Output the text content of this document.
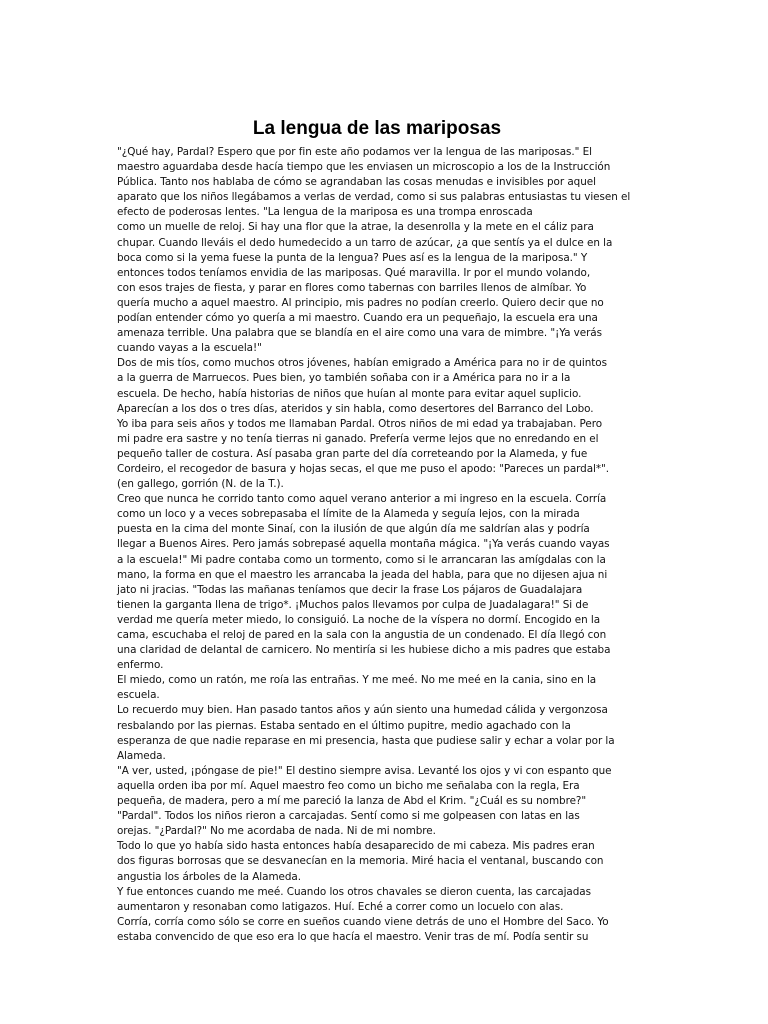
La lengua de las mariposas
"¿Qué hay, Pardal? Espero que por fin este año podamos ver la lengua de las mariposas." El
maestro aguardaba desde hacía tiempo que les enviasen un microscopio a los de la Instrucción
Pública. Tanto nos hablaba de cómo se agrandaban las cosas menudas e invisibles por aquel
aparato que los niños llegábamos a verlas de verdad, como si sus palabras entusiastas tu viesen el
efecto de poderosas lentes. "La lengua de la mariposa es una trompa enroscada
como un muelle de reloj. Si hay una flor que la atrae, la desenrolla y la mete en el cáliz para
chupar. Cuando lleváis el dedo humedecido a un tarro de azúcar, ¿a que sentís ya el dulce en la
boca como si la yema fuese la punta de la lengua? Pues así es la lengua de la mariposa." Y
entonces todos teníamos envidia de las mariposas. Qué maravilla. Ir por el mundo volando,
con esos trajes de fiesta, y parar en flores como tabernas con barriles llenos de almíbar. Yo
quería mucho a aquel maestro. Al principio, mis padres no podían creerlo. Quiero decir que no
podían entender cómo yo quería a mi maestro. Cuando era un pequeñajo, la escuela era una
amenaza terrible. Una palabra que se blandía en el aire como una vara de mimbre. "¡Ya verás
cuando vayas a la escuela!"
Dos de mis tíos, como muchos otros jóvenes, habían emigrado a América para no ir de quintos
a la guerra de Marruecos. Pues bien, yo también soñaba con ir a América para no ir a la
escuela. De hecho, había historias de niños que huían al monte para evitar aquel suplicio.
Aparecían a los dos o tres días, ateridos y sin habla, como desertores del Barranco del Lobo.
Yo iba para seis años y todos me llamaban Pardal. Otros niños de mi edad ya trabajaban. Pero
mi padre era sastre y no tenía tierras ni ganado. Prefería verme lejos que no enredando en el
pequeño taller de costura. Así pasaba gran parte del día correteando por la Alameda, y fue
Cordeiro, el recogedor de basura y hojas secas, el que me puso el apodo: "Pareces un pardal*".
(en gallego, gorrión (N. de la T.).
Creo que nunca he corrido tanto como aquel verano anterior a mi ingreso en la escuela. Corría
como un loco y a veces sobrepasaba el límite de la Alameda y seguía lejos, con la mirada
puesta en la cima del monte Sinaí, con la ilusión de que algún día me saldrían alas y podría
llegar a Buenos Aires. Pero jamás sobrepasé aquella montaña mágica. "¡Ya verás cuando vayas
a la escuela!" Mi padre contaba como un tormento, como si le arrancaran las amígdalas con la
mano, la forma en que el maestro les arrancaba la jeada del habla, para que no dijesen ajua ni
jato ni jracias. "Todas las mañanas teníamos que decir la frase Los pájaros de Guadalajara
tienen la garganta llena de trigo*. ¡Muchos palos llevamos por culpa de Juadalagara!" Si de
verdad me quería meter miedo, lo consiguió. La noche de la víspera no dormí. Encogido en la
cama, escuchaba el reloj de pared en la sala con la angustia de un condenado. El día llegó con
una claridad de delantal de carnicero. No mentiría si les hubiese dicho a mis padres que estaba
enfermo.
El miedo, como un ratón, me roía las entrañas. Y me meé. No me meé en la cania, sino en la
escuela.
Lo recuerdo muy bien. Han pasado tantos años y aún siento una humedad cálida y vergonzosa
resbalando por las piernas. Estaba sentado en el último pupitre, medio agachado con la
esperanza de que nadie reparase en mi presencia, hasta que pudiese salir y echar a volar por la
Alameda.
"A ver, usted, ¡póngase de pie!" El destino siempre avisa. Levanté los ojos y vi con espanto que
aquella orden iba por mí. Aquel maestro feo como un bicho me señalaba con la regla, Era
pequeña, de madera, pero a mí me pareció la lanza de Abd el Krim. "¿Cuál es su nombre?"
"Pardal". Todos los niños rieron a carcajadas. Sentí como si me golpeasen con latas en las
orejas. "¿Pardal?" No me acordaba de nada. Ni de mi nombre.
Todo lo que yo había sido hasta entonces había desaparecido de mi cabeza. Mis padres eran
dos figuras borrosas que se desvanecían en la memoria. Miré hacia el ventanal, buscando con
angustia los árboles de la Alameda.
Y fue entonces cuando me meé. Cuando los otros chavales se dieron cuenta, las carcajadas
aumentaron y resonaban como latigazos. Huí. Eché a correr como un locuelo con alas.
Corría, corría como sólo se corre en sueños cuando viene detrás de uno el Hombre del Saco. Yo
estaba convencido de que eso era lo que hacía el maestro. Venir tras de mí. Podía sentir su
